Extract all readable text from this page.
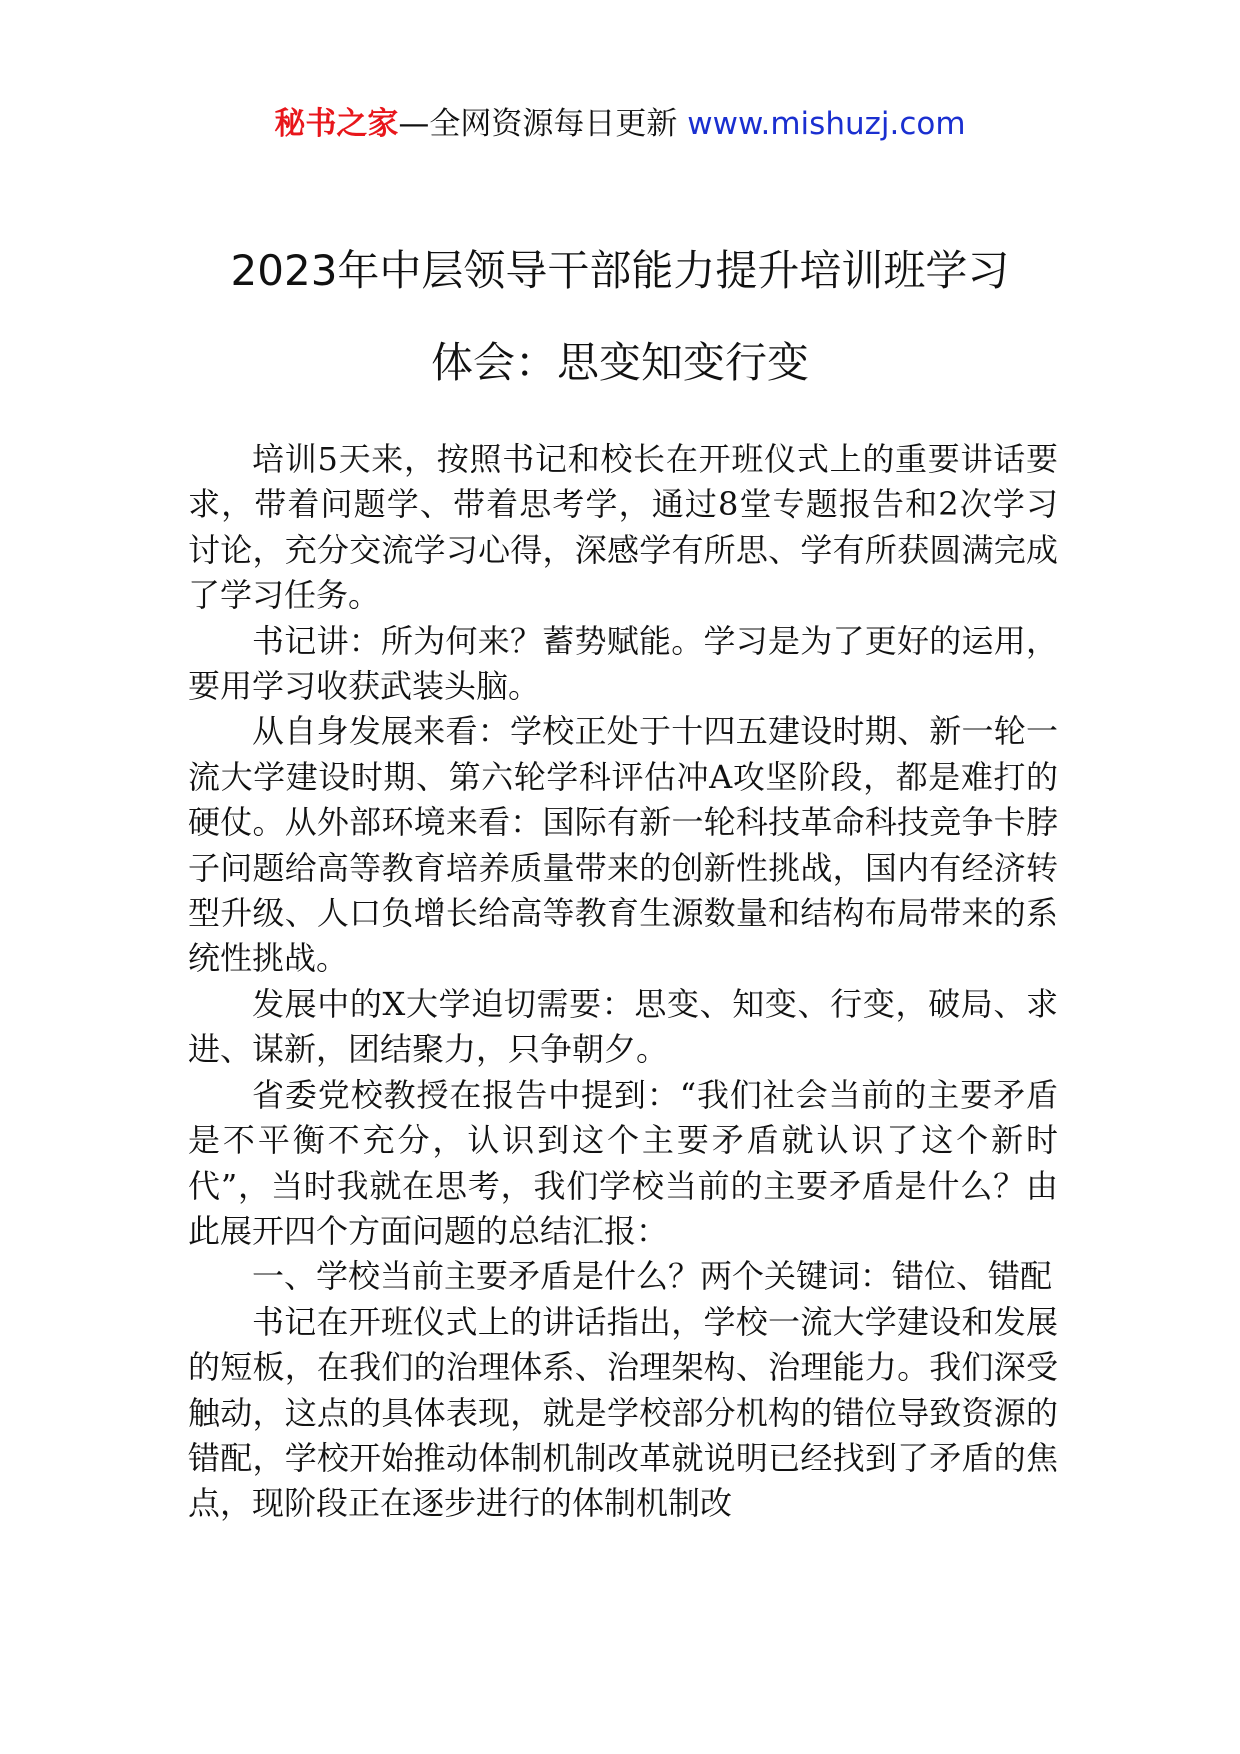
秘书之家—全网资源每日更新 www.mishuzj.com
2023年中层领导干部能力提升培训班学习
体会：思变知变行变

培训5天来，按照书记和校长在开班仪式上的重要讲话要求，带着问题学、带着思考学，通过8堂专题报告和2次学习讨论，充分交流学习心得，深感学有所思、学有所获圆满完成了学习任务。

书记讲：所为何来？蓄势赋能。学习是为了更好的运用，要用学习收获武装头脑。

从自身发展来看：学校正处于十四五建设时期、新一轮一流大学建设时期、第六轮学科评估冲A攻坚阶段，都是难打的硬仗。从外部环境来看：国际有新一轮科技革命科技竞争卡脖子问题给高等教育培养质量带来的创新性挑战，国内有经济转型升级、人口负增长给高等教育生源数量和结构布局带来的系统性挑战。

发展中的X大学迫切需要：思变、知变、行变，破局、求进、谋新，团结聚力，只争朝夕。

省委党校教授在报告中提到：“我们社会当前的主要矛盾是不平衡不充分，认识到这个主要矛盾就认识了这个新时代”，当时我就在思考，我们学校当前的主要矛盾是什么？由此展开四个方面问题的总结汇报：

一、学校当前主要矛盾是什么？两个关键词：错位、错配

书记在开班仪式上的讲话指出，学校一流大学建设和发展的短板，在我们的治理体系、治理架构、治理能力。我们深受触动，这点的具体表现，就是学校部分机构的错位导致资源的错配，学校开始推动体制机制改革就说明已经找到了矛盾的焦点，现阶段正在逐步进行的体制机制改
